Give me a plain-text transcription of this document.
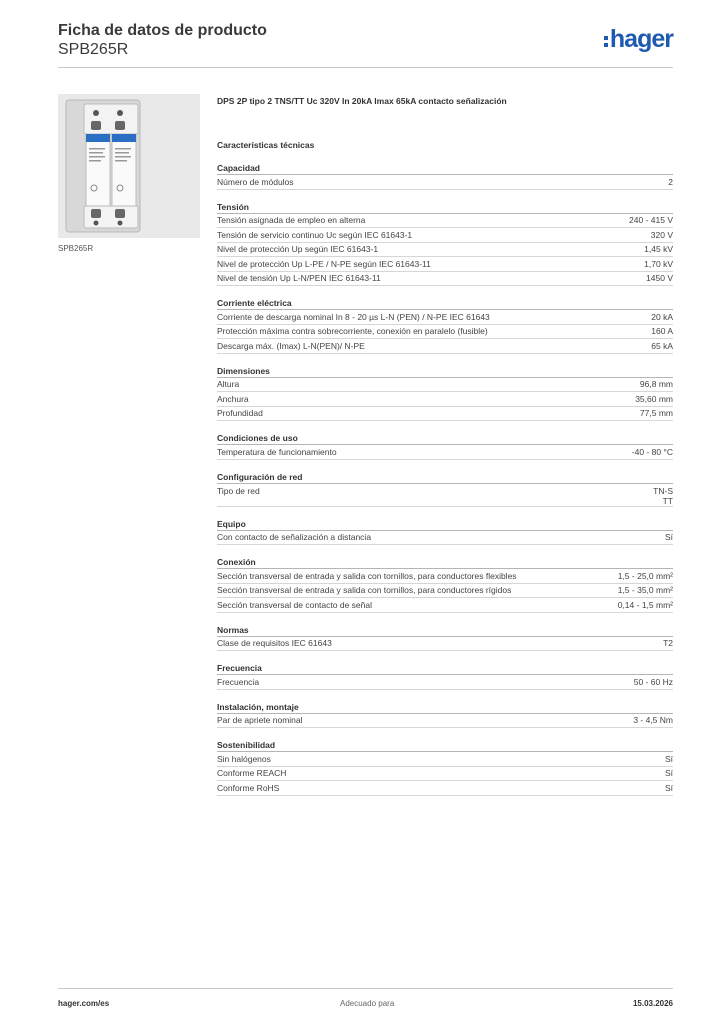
Ficha de datos de producto
SPB265R	hager
SPB265R
DPS 2P tipo 2 TNS/TT Uc 320V In 20kA Imax 65kA contacto señalización
Características técnicas
Capacidad
Número de módulos	2
Tensión
Tensión asignada de empleo en alterna	240 - 415 V
Tensión de servicio continuo Uc según IEC 61643-1	320 V
Nivel de protección Up según IEC 61643-1	1,45 kV
Nivel de protección Up L-PE / N-PE según IEC 61643-11	1,70 kV
Nivel de tensión Up L-N/PEN IEC 61643-11	1450 V
Corriente eléctrica
Corriente de descarga nominal In 8 - 20 µs L-N (PEN) / N-PE IEC 61643	20 kA
Protección máxima contra sobrecorriente, conexión en paralelo (fusible)	160 A
Descarga máx. (Imax) L-N(PEN)/ N-PE	65 kA
Dimensiones
Altura	96,8 mm
Anchura	35,60 mm
Profundidad	77,5 mm
Condiciones de uso
Temperatura de funcionamiento	-40 - 80 °C
Configuración de red
Tipo de red	TN-S
TT
Equipo
Con contacto de señalización a distancia	Sí
Conexión
Sección transversal de entrada y salida con tornillos, para conductores flexibles	1,5 - 25,0 mm²
Sección transversal de entrada y salida con tornillos, para conductores rígidos	1,5 - 35,0 mm²
Sección transversal de contacto de señal	0,14 - 1,5 mm²
Normas
Clase de requisitos IEC 61643	T2
Frecuencia
Frecuencia	50 - 60 Hz
Instalación, montaje
Par de apriete nominal	3 - 4,5 Nm
Sostenibilidad
Sin halógenos	Sí
Conforme REACH	Sí
Conforme RoHS	Sí
hager.com/es	Adecuado para	15.03.2026
